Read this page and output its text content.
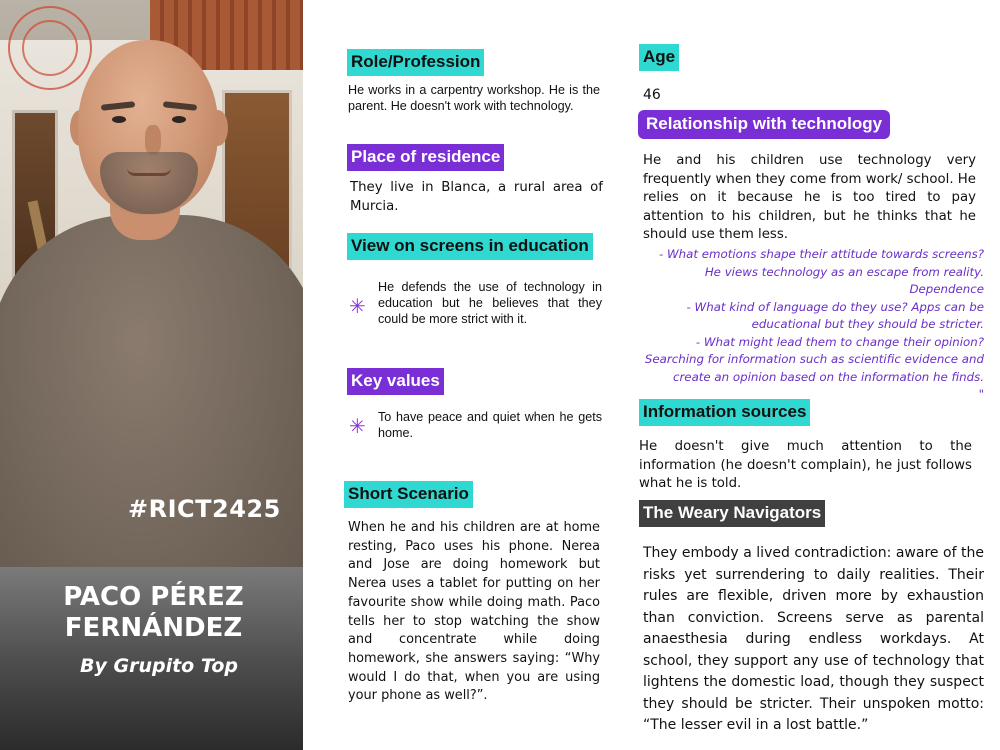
#RICT2425
PACO PÉREZ
FERNÁNDEZ
By Grupito Top
Role/Profession
He works in a carpentry workshop. He is the parent. He doesn't work with technology.
Place of residence
They live in Blanca, a rural area of Murcia.
View on screens in education
✳
He defends the use of technology in education but he believes that they could be more strict with it.
Key values
✳ To have peace and quiet when he gets home.
Short Scenario
When he and his children are at home resting, Paco uses his phone. Nerea and Jose are doing homework but Nerea uses a tablet for putting on her favourite show while doing math. Paco tells her to stop watching the show and concentrate while doing homework, she answers saying: “Why would I do that, when you are using your phone as well?”.
Age
46
Relationship with technology
He and his children use technology very frequently when they come from work/ school. He relies on it because he is too tired to pay attention to his children, but he thinks that he should use them less.

- What emotions shape their attitude towards screens? He views technology as an escape from reality. Dependence

- What kind of language do they use? Apps can be educational but they should be stricter.

- What might lead them to change their opinion? Searching for information such as scientific evidence and create an opinion based on the information he finds.

"

Information sources
He doesn't give much attention to the information (he doesn't complain), he just follows what he is told.
The Weary Navigators
They embody a lived contradiction: aware of the risks yet surrendering to daily realities. Their rules are flexible, driven more by exhaustion than conviction. Screens serve as parental anaesthesia during endless workdays. At school, they support any use of technology that lightens the domestic load, though they suspect they should be stricter. Their unspoken motto: “The lesser evil in a lost battle.”
